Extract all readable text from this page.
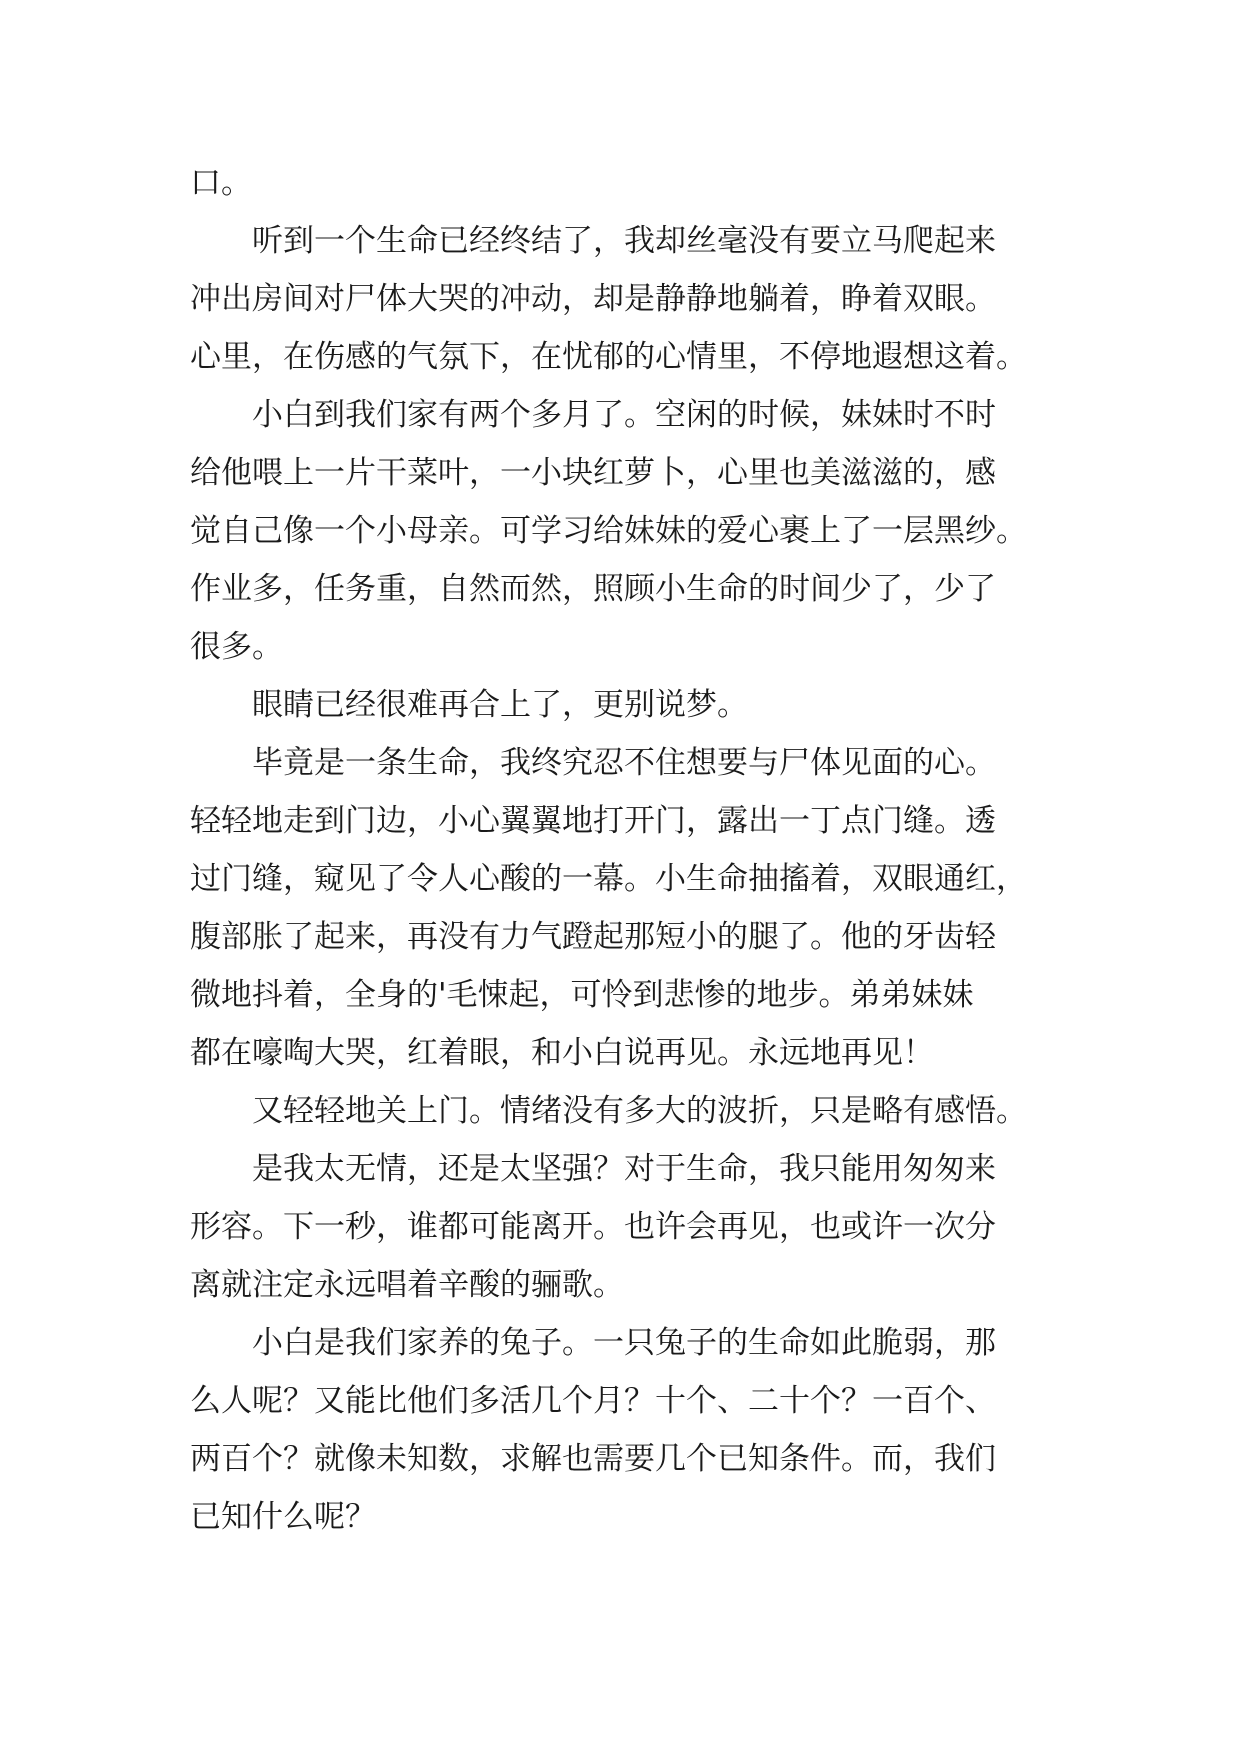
口。
　　听到一个生命已经终结了，我却丝毫没有要立马爬起来
冲出房间对尸体大哭的冲动，却是静静地躺着，睁着双眼。
心里，在伤感的气氛下，在忧郁的心情里，不停地遐想这着。
　　小白到我们家有两个多月了。空闲的时候，妹妹时不时
给他喂上一片干菜叶，一小块红萝卜，心里也美滋滋的，感
觉自己像一个小母亲。可学习给妹妹的爱心裹上了一层黑纱。
作业多，任务重，自然而然，照顾小生命的时间少了，少了
很多。
　　眼睛已经很难再合上了，更别说梦。
　　毕竟是一条生命，我终究忍不住想要与尸体见面的心。
轻轻地走到门边，小心翼翼地打开门，露出一丁点门缝。透
过门缝，窥见了令人心酸的一幕。小生命抽搐着，双眼通红，
腹部胀了起来，再没有力气蹬起那短小的腿了。他的牙齿轻
微地抖着，全身的'毛悚起，可怜到悲惨的地步。弟弟妹妹
都在嚎啕大哭，红着眼，和小白说再见。永远地再见！
　　又轻轻地关上门。情绪没有多大的波折，只是略有感悟。
　　是我太无情，还是太坚强？对于生命，我只能用匆匆来
形容。下一秒，谁都可能离开。也许会再见，也或许一次分
离就注定永远唱着辛酸的骊歌。
　　小白是我们家养的兔子。一只兔子的生命如此脆弱，那
么人呢？又能比他们多活几个月？十个、二十个？一百个、
两百个？就像未知数，求解也需要几个已知条件。而，我们
已知什么呢？
